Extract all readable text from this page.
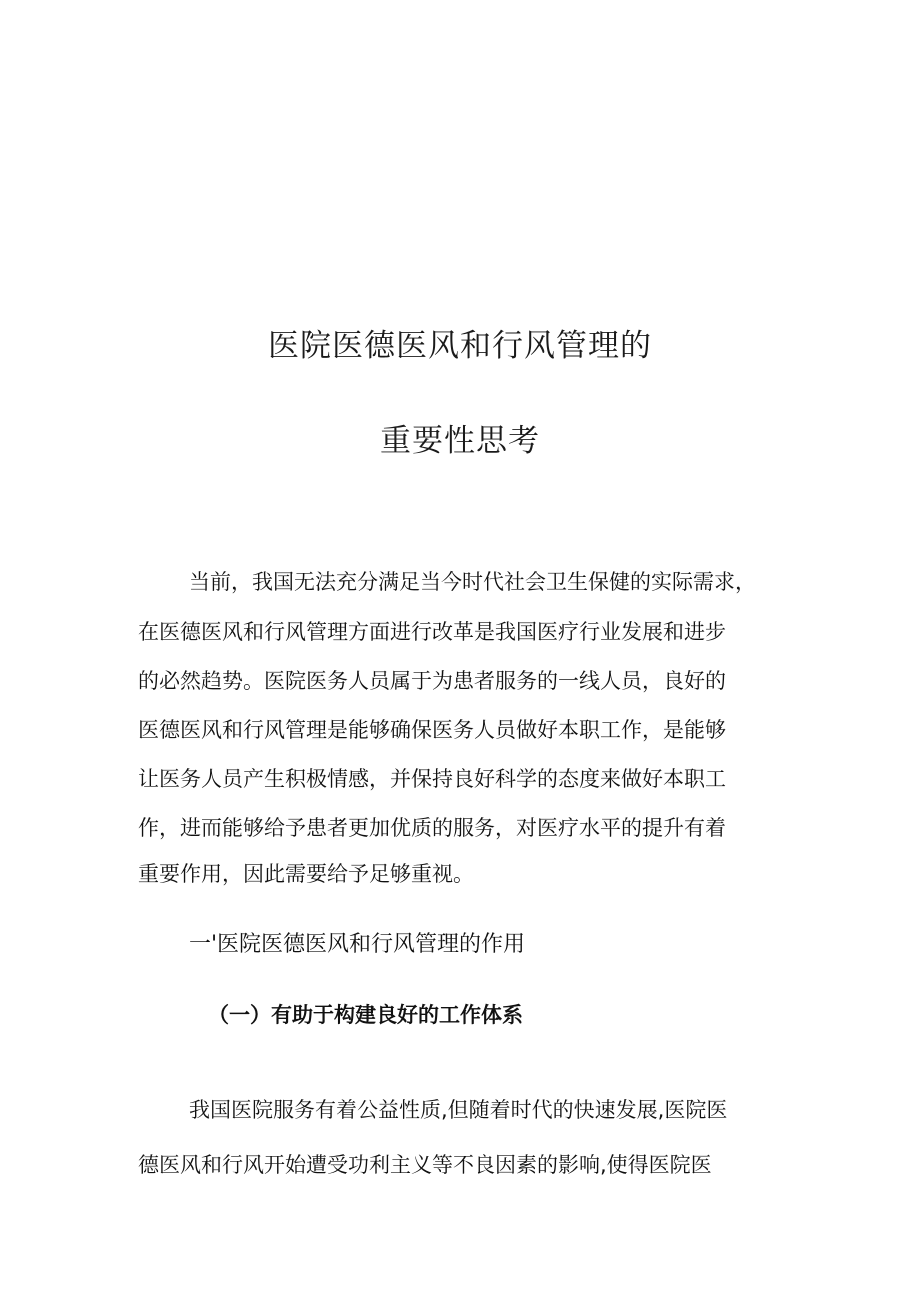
医院医德医风和行风管理的
重要性思考

当前，我国无法充分满足当今时代社会卫生保健的实际需求，

在医德医风和行风管理方面进行改革是我国医疗行业发展和进步

的必然趋势。医院医务人员属于为患者服务的一线人员，良好的

医德医风和行风管理是能够确保医务人员做好本职工作，是能够

让医务人员产生积极情感，并保持良好科学的态度来做好本职工

作，进而能够给予患者更加优质的服务，对医疗水平的提升有着

重要作用，因此需要给予足够重视。

一'医院医德医风和行风管理的作用
（一）有助于构建良好的工作体系

我国医院服务有着公益性质,但随着时代的快速发展,医院医

德医风和行风开始遭受功利主义等不良因素的影响,使得医院医
